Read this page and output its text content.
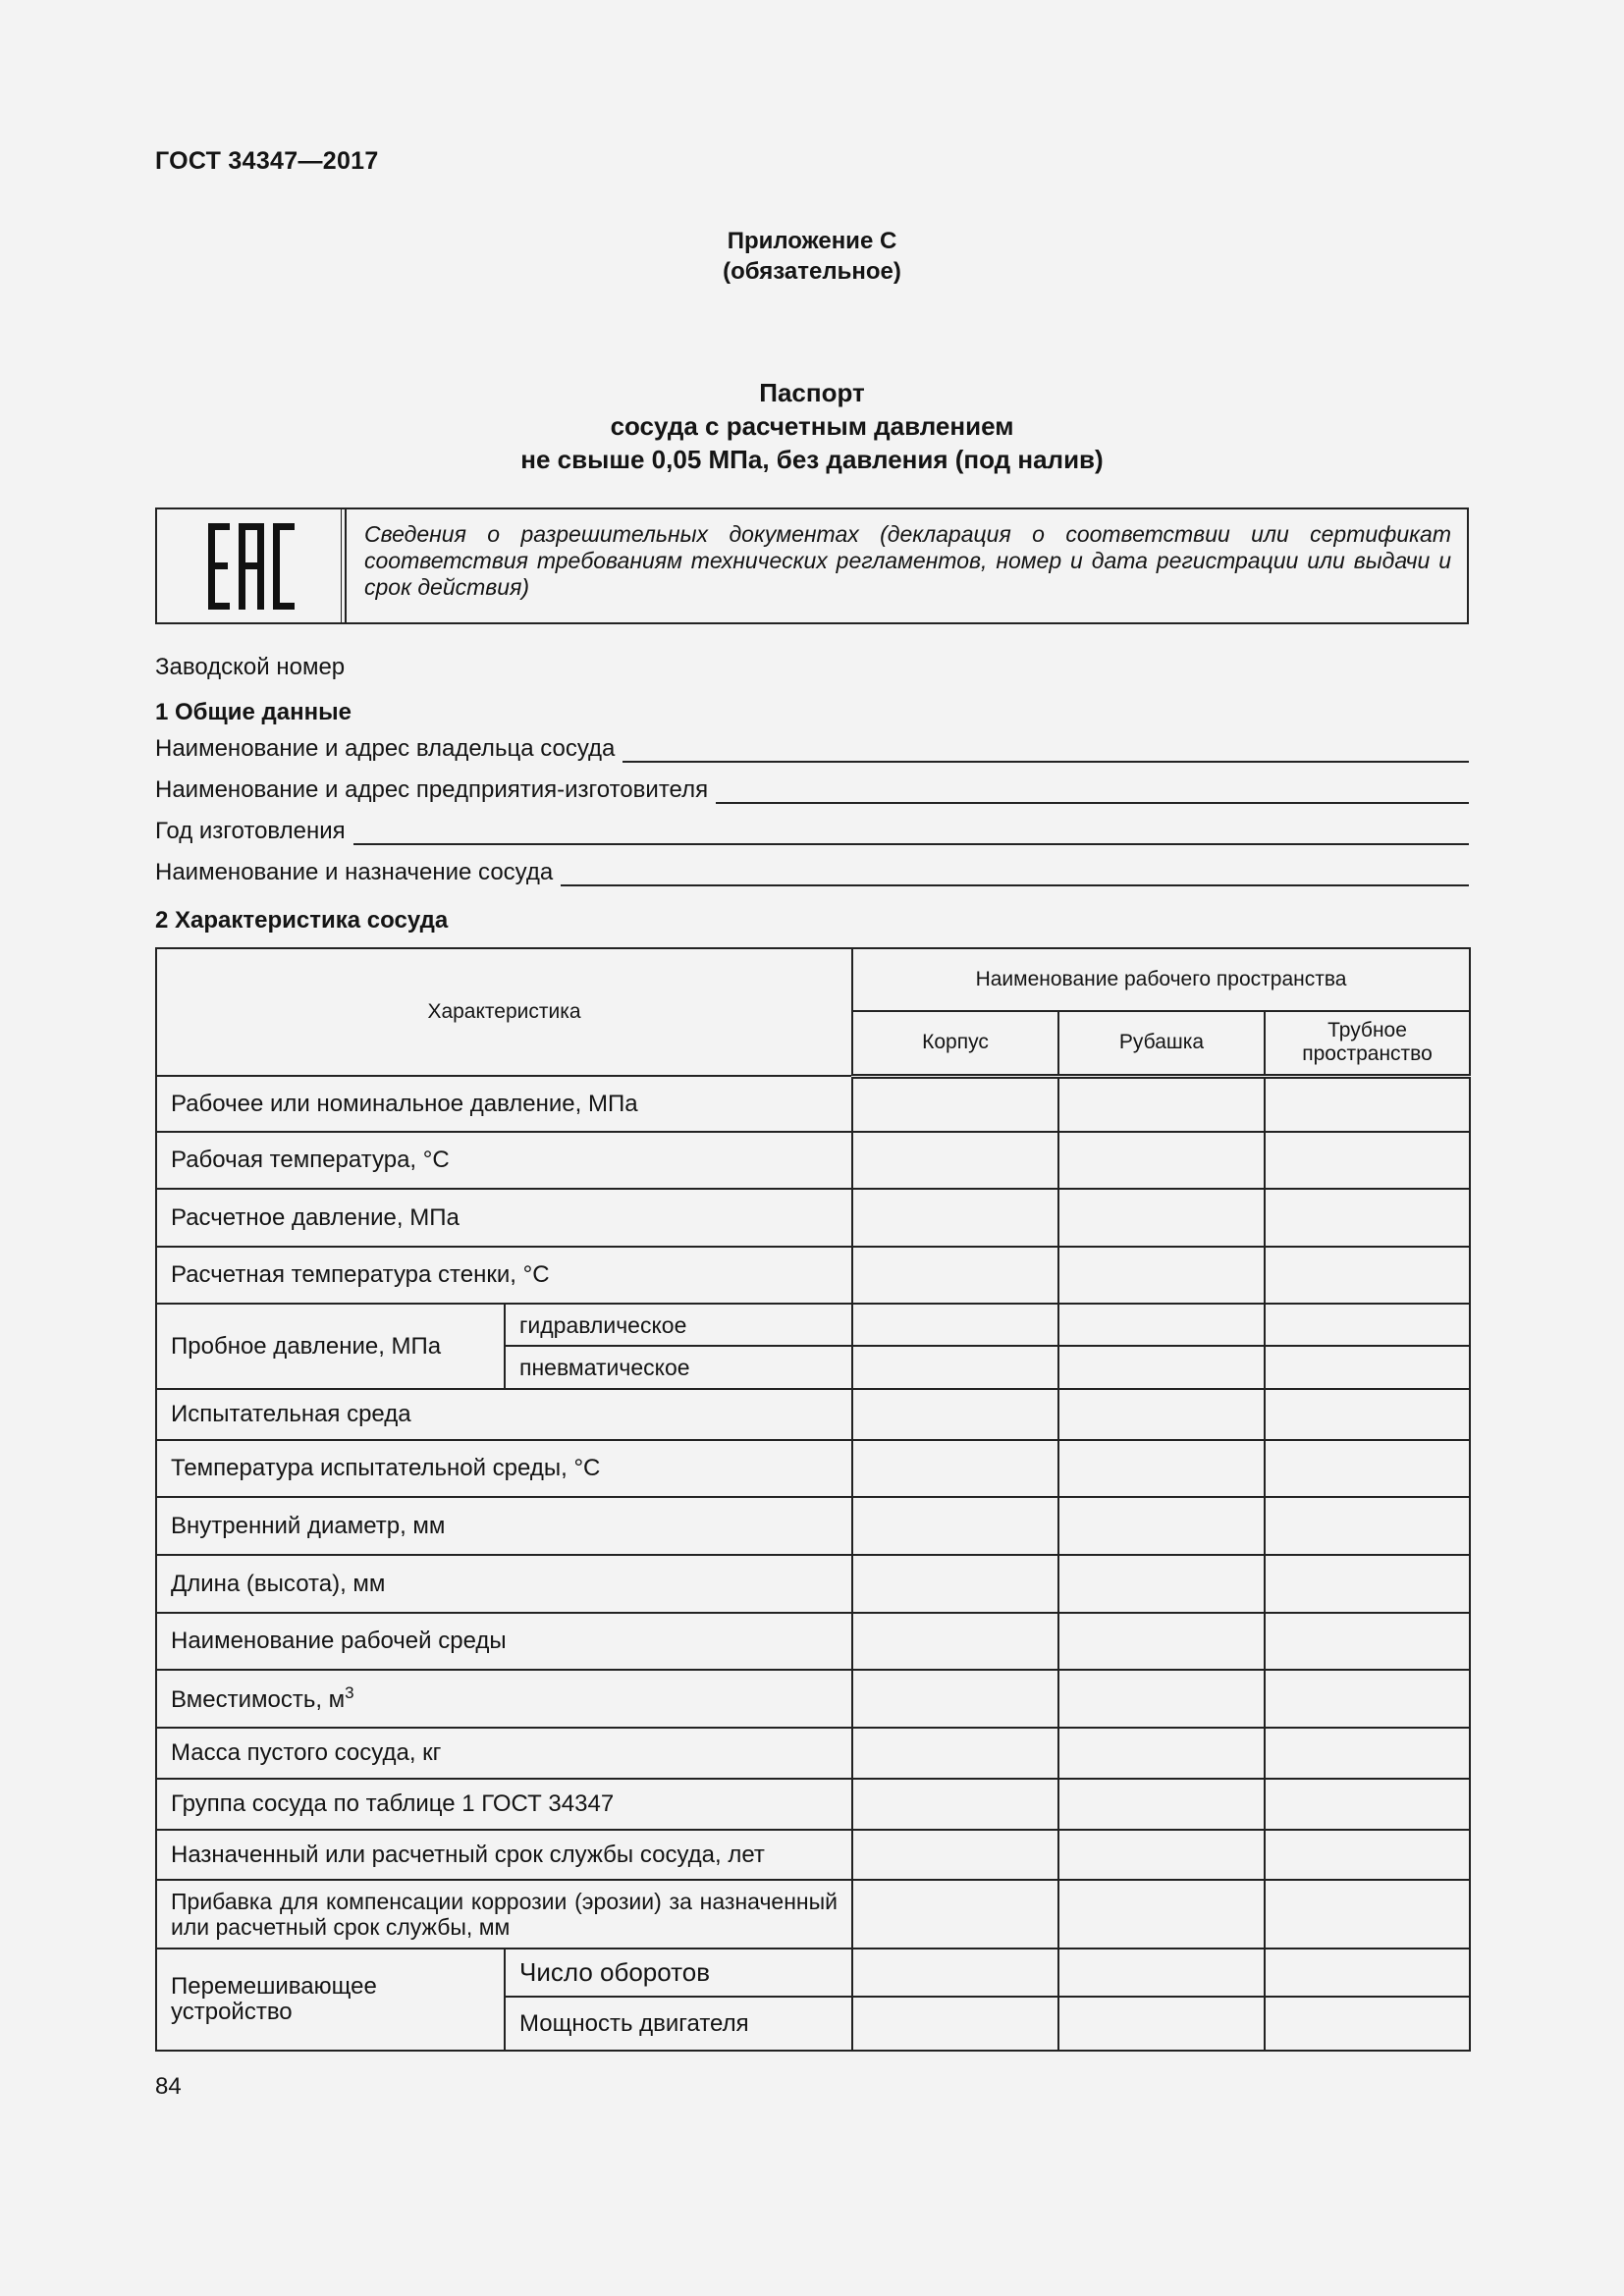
ГОСТ 34347—2017
Приложение С
(обязательное)
Паспорт
сосуда с расчетным давлением
не свыше 0,05 МПа, без давления (под налив)
Сведения о разрешительных документах (декларация о соответствии или сертификат соответствия требованиям технических регламентов, номер и дата регистрации или выдачи и срок действия)
Заводской номер
1 Общие данные
Наименование и адрес владельца сосуда
Наименование и адрес предприятия-изготовителя
Год изготовления
Наименование и назначение сосуда
2 Характеристика сосуда
Характеристика		Наименование рабочего пространства		
		Корпус	Рубашка	Трубное пространство
Рабочее или номинальное давление, МПа				
Рабочая температура, °С				
Расчетное давление, МПа				
Расчетная температура стенки, °С				
Пробное давление, МПа	гидравлическое			
	пневматическое			
Испытательная среда				
Температура испытательной среды, °С				
Внутренний диаметр, мм				
Длина (высота), мм				
Наименование рабочей среды				
Вместимость, $м^3$			
Масса пустого сосуда, кг				
Группа сосуда по таблице 1 ГОСТ 34347				
Назначенный или расчетный срок службы сосуда, лет				
Прибавка для компенсации коррозии (эрозии) за назначенный или расчетный срок службы, мм				
Перемешивающее устройство	Число оборотов			
	Мощность двигателя			
84
